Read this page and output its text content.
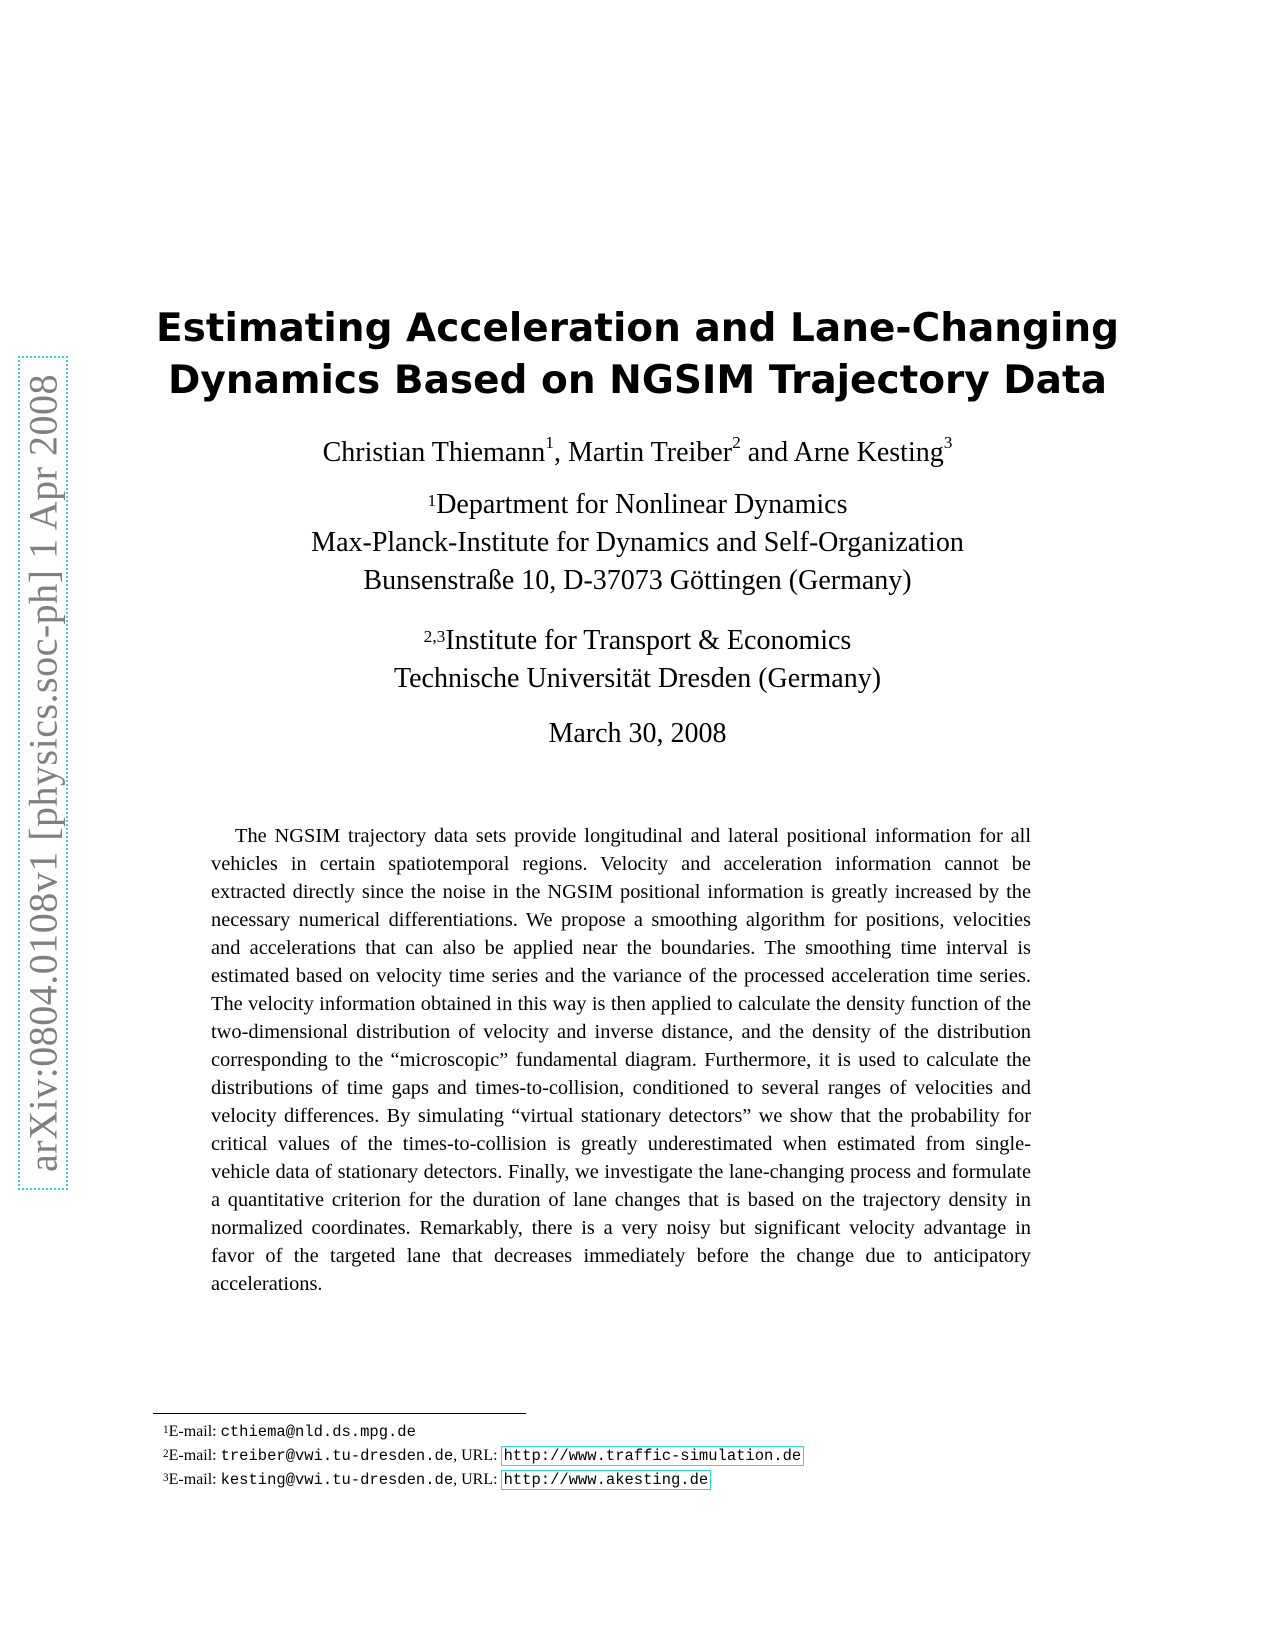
arXiv:0804.0108v1 [physics.soc-ph] 1 Apr 2008
Estimating Acceleration and Lane-Changing
Dynamics Based on NGSIM Trajectory Data
Christian Thiemann$^1$, Martin Treiber$^2$ and Arne Kesting$^3$
$^1$Department for Nonlinear Dynamics
Max-Planck-Institute for Dynamics and Self-Organization
Bunsenstraße 10, D-37073 Göttingen (Germany)
$^{2,3}$Institute for Transport & Economics
Technische Universität Dresden (Germany)
March 30, 2008

The NGSIM trajectory data sets provide longitudinal and lateral positional information for all vehicles in certain spatiotemporal regions. Velocity and acceleration information cannot be extracted directly since the noise in the NGSIM positional information is greatly increased by the necessary numerical differentiations. We propose a smoothing algorithm for positions, velocities and accelerations that can also be applied near the boundaries. The smoothing time interval is estimated based on velocity time series and the variance of the processed acceleration time series. The velocity information obtained in this way is then applied to calculate the density function of the two-dimensional distribution of velocity and inverse distance, and the density of the distribution corresponding to the “microscopic” fundamental diagram. Furthermore, it is used to calculate the distributions of time gaps and times-to-collision, conditioned to several ranges of velocities and velocity differences. By simulating “virtual stationary detectors” we show that the probability for critical values of the times-to-collision is greatly underestimated when estimated from single-vehicle data of stationary detectors. Finally, we investigate the lane-changing process and formulate a quantitative criterion for the duration of lane changes that is based on the trajectory density in normalized coordinates. Remarkably, there is a very noisy but significant velocity advantage in favor of the targeted lane that decreases immediately before the change due to anticipatory accelerations.

$^1$E-mail: cthiema@nld.ds.mpg.de
$^2$E-mail: treiber@vwi.tu-dresden.de, URL: http://www.traffic-simulation.de
$^3$E-mail: kesting@vwi.tu-dresden.de, URL: http://www.akesting.de
